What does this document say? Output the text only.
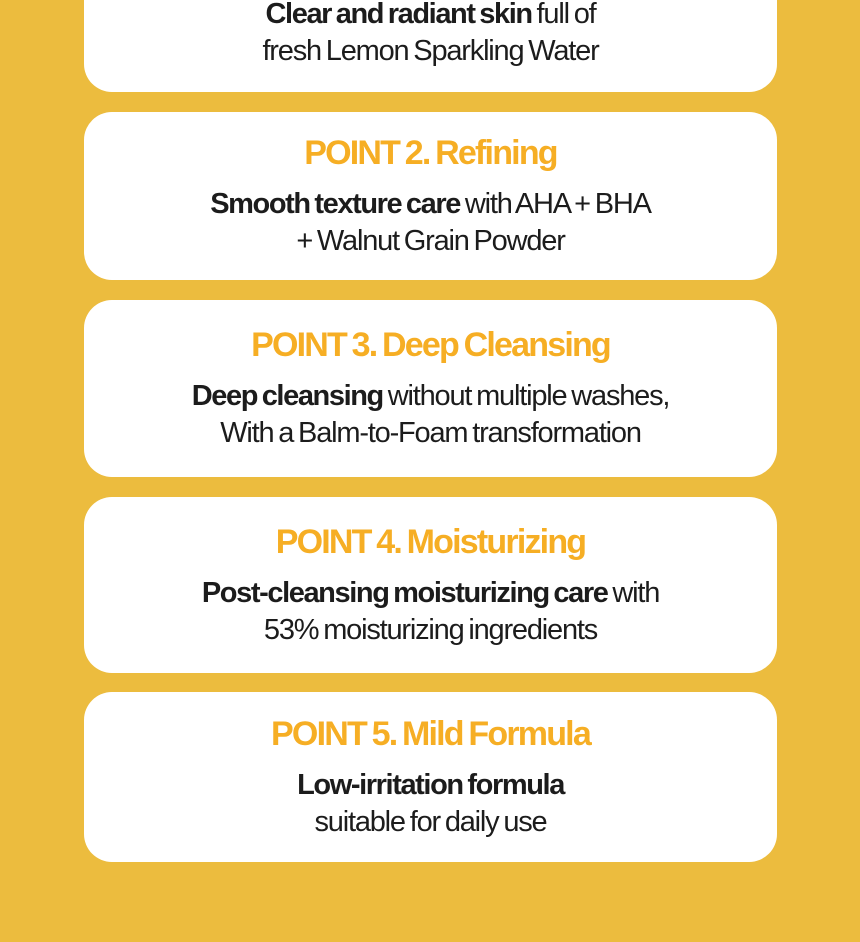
Clear and radiant skin full of
fresh Lemon Sparkling Water

POINT 2. Refining

Smooth texture care with AHA + BHA
+ Walnut Grain Powder

POINT 3. Deep Cleansing

Deep cleansing without multiple washes,
With a Balm-to-Foam transformation

POINT 4. Moisturizing

Post-cleansing moisturizing care with
53% moisturizing ingredients

POINT 5. Mild Formula

Low-irritation formula
suitable for daily use
